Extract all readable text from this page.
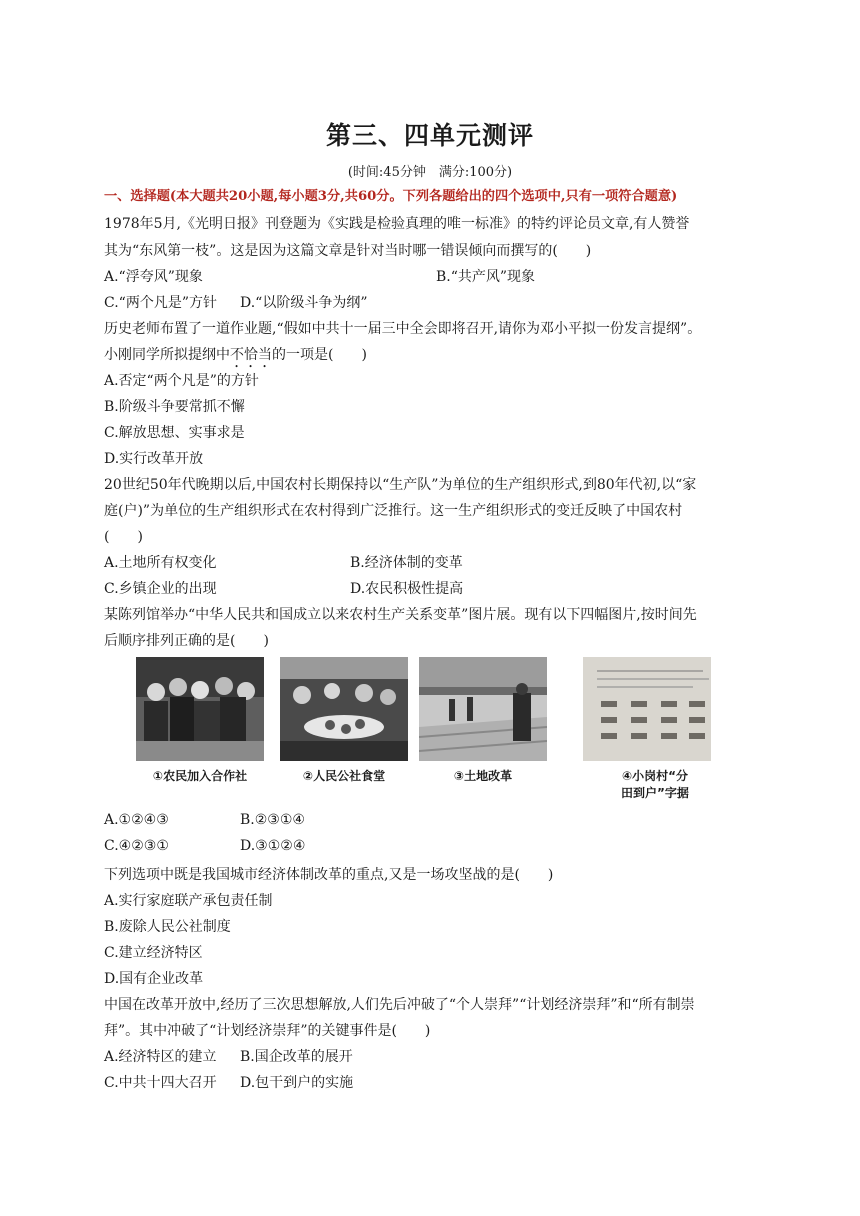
第三、四单元测评
(时间:45分钟　满分:100分)
一、选择题(本大题共20小题,每小题3分,共60分。下列各题给出的四个选项中,只有一项符合题意)
1978年5月,《光明日报》刊登题为《实践是检验真理的唯一标准》的特约评论员文章,有人赞誉
其为“东风第一枝”。这是因为这篇文章是针对当时哪一错误倾向而撰写的(　　)
A.“浮夸风”现象	B.“共产风”现象
C.“两个凡是”方针 D.“以阶级斗争为纲”
历史老师布置了一道作业题,“假如中共十一届三中全会即将召开,请你为邓小平拟一份发言提纲”。
小刚同学所拟提纲中不恰当的一项是(　　)
A.否定“两个凡是”的方针
B.阶级斗争要常抓不懈
C.解放思想、实事求是
D.实行改革开放
20世纪50年代晚期以后,中国农村长期保持以“生产队”为单位的生产组织形式,到80年代初,以“家
庭(户)”为单位的生产组织形式在农村得到广泛推行。这一生产组织形式的变迁反映了中国农村
(　　)
A.土地所有权变化	B.经济体制的变革
C.乡镇企业的出现	D.农民积极性提高
某陈列馆举办“中华人民共和国成立以来农村生产关系变革”图片展。现有以下四幅图片,按时间先
后顺序排列正确的是(　　)
①农民加入合作社	②人民公社食堂	③土地改革	④小岗村“分
田到户”字据
A.①②④③	B.②③①④
C.④②③①	D.③①②④
下列选项中既是我国城市经济体制改革的重点,又是一场攻坚战的是(　　)
A.实行家庭联产承包责任制
B.废除人民公社制度
C.建立经济特区
D.国有企业改革
中国在改革开放中,经历了三次思想解放,人们先后冲破了“个人崇拜”“计划经济崇拜”和“所有制崇
拜”。其中冲破了“计划经济崇拜”的关键事件是(　　)
A.经济特区的建立 B.国企改革的展开
C.中共十四大召开 D.包干到户的实施
